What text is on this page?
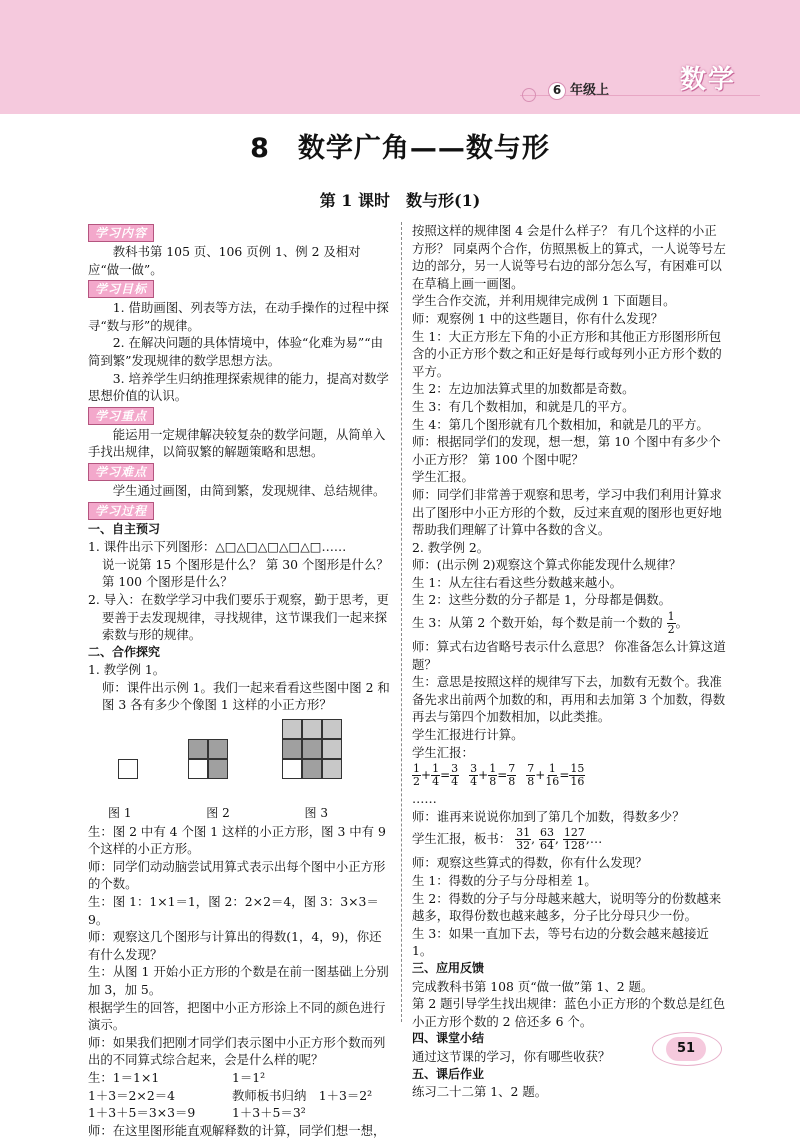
6 年级上	数学
8　数学广角——数与形
第 1 课时　数与形(1)
学习内容

教科书第 105 页、106 页例 1、例 2 及相对应“做一做”。

学习目标

1. 借助画图、列表等方法，在动手操作的过程中探寻“数与形”的规律。

2. 在解决问题的具体情境中，体验“化难为易”“由简到繁”发现规律的数学思想方法。

3. 培养学生归纳推理探索规律的能力，提高对数学思想价值的认识。

学习重点

能运用一定规律解决较复杂的数学问题，从简单入手找出规律，以简驭繁的解题策略和思想。

学习难点

学生通过画图，由简到繁，发现规律、总结规律。

学习过程

一、自主预习

1. 课件出示下列图形：△□△□△□△□△□……

说一说第 15 个图形是什么？ 第 30 个图形是什么？第 100 个图形是什么？

2. 导入：在数学学习中我们要乐于观察，勤于思考，更要善于去发现规律，寻找规律，这节课我们一起来探索数与形的规律。

二、合作探究

1. 教学例 1。

师：课件出示例 1。我们一起来看看这些图中图 2 和图 3 各有多少个像图 1 这样的小正方形？

图 1	图 2	图 3

生：图 2 中有 4 个图 1 这样的小正方形，图 3 中有 9 个这样的小正方形。

师：同学们动动脑尝试用算式表示出每个图中小正方形的个数。

生：图 1：1×1＝1，图 2：2×2＝4，图 3：3×3＝9。

师：观察这几个图形与计算出的得数(1，4，9)，你还有什么发现？

生：从图 1 开始小正方形的个数是在前一图基础上分别加 3，加 5。

根据学生的回答，把图中小正方形涂上不同的颜色进行演示。

师：如果我们把刚才同学们表示图中小正方形个数而列出的不同算式综合起来，会是什么样的呢？

生：1＝1×1	1＝1²
1＋3＝2×2＝4	教师板书归纳　1＋3＝2²
1＋3＋5＝3×3＝9	1＋3＋5＝3²

师：在这里图形能直观解释数的计算，同学们想一想，

按照这样的规律图 4 会是什么样子？ 有几个这样的小正方形？ 同桌两个合作，仿照黑板上的算式，一人说等号左边的部分，另一人说等号右边的部分怎么写，有困难可以在草稿上画一画图。

学生合作交流，并利用规律完成例 1 下面题目。

师：观察例 1 中的这些题目，你有什么发现？

生 1：大正方形左下角的小正方形和其他正方形图形所包含的小正方形个数之和正好是每行或每列小正方形个数的平方。

生 2：左边加法算式里的加数都是奇数。

生 3：有几个数相加，和就是几的平方。

生 4：第几个图形就有几个数相加，和就是几的平方。

师：根据同学们的发现，想一想，第 10 个图中有多少个小正方形？ 第 100 个图中呢？

学生汇报。

师：同学们非常善于观察和思考，学习中我们利用计算求出了图形中小正方形的个数，反过来直观的图形也更好地帮助我们理解了计算中各数的含义。

2. 教学例 2。

师：(出示例 2)观察这个算式你能发现什么规律？

生 1：从左往右看这些分数越来越小。

生 2：这些分数的分子都是 1，分母都是偶数。

生 3：从第 2 个数开始，每个数是前一个数的 $\frac{1}{2}$ 。

师：算式右边省略号表示什么意思？ 你准备怎么计算这道题？

生：意思是按照这样的规律写下去，加数有无数个。我准备先求出前两个加数的和，再用和去加第 3 个加数，得数再去与第四个加数相加，以此类推。

学生汇报进行计算。

学生汇报：

$\frac{1}{2} + \frac{1}{4} = \frac{3}{4} \frac{3}{4} + \frac{1}{8} = \frac{7}{8} \frac{7}{8} + \frac{1}{16} = \frac{15}{16}$

……

师：谁再来说说你加到了第几个加数，得数多少？

学生汇报，板书： $\frac{31}{32}$ , $\frac{63}{64}$ , $\frac{127}{128}$ ,…

师：观察这些算式的得数，你有什么发现？

生 1：得数的分子与分母相差 1。

生 2：得数的分子与分母越来越大，说明等分的份数越来越多，取得份数也越来越多，分子比分母只少一份。

生 3：如果一直加下去，等号右边的分数会越来越接近 1。

三、应用反馈

完成教科书第 108 页“做一做”第 1、2 题。

第 2 题引导学生找出规律：蓝色小正方形的个数总是红色小正方形个数的 2 倍还多 6 个。

四、课堂小结

通过这节课的学习，你有哪些收获？

五、课后作业

练习二十二第 1、2 题。

51
